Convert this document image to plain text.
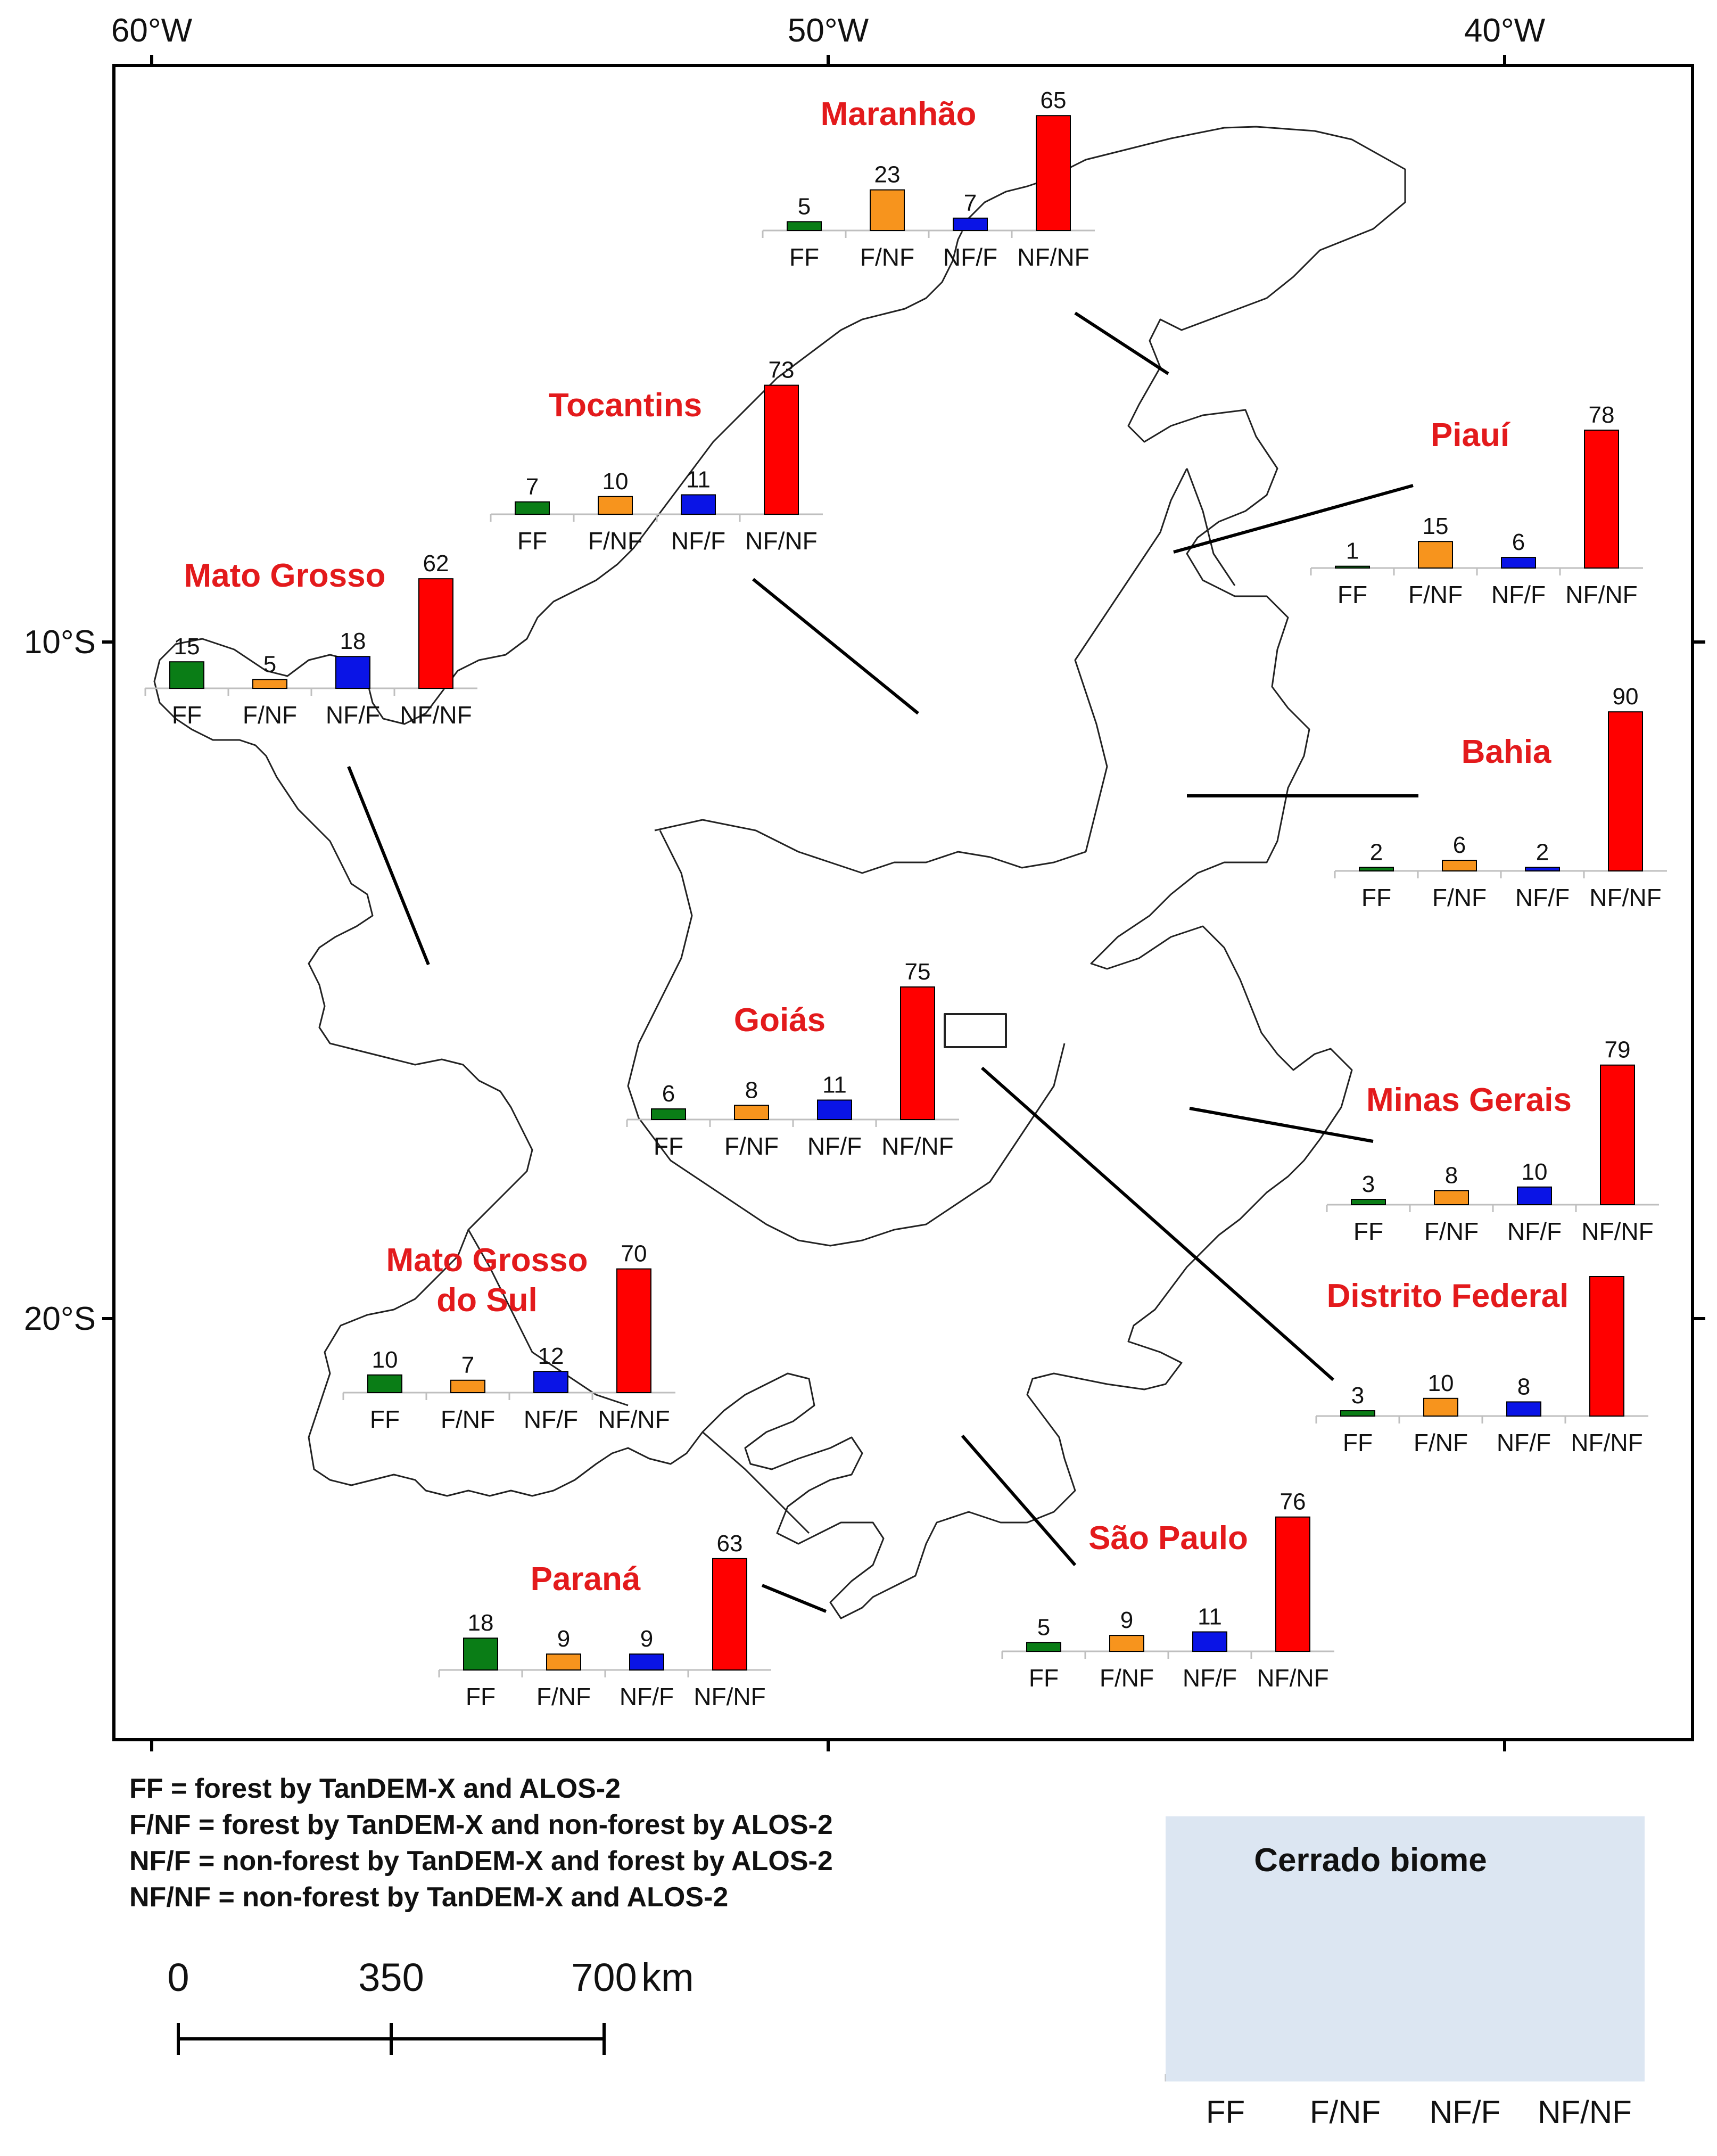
60°W	50°W	40°W
10°S
20°S
Maranhão
Tocantins
Piauí
Mato Grosso
Bahia
Goiás
Minas Gerais
Mato Grosso
do Sul	Distrito Federal
São Paulo
Paraná
5
FF
23
F/NF
7
NF/F
65
NF/NF
7
FF
10
F/NF
11
NF/F
73
NF/NF	1
FF
15
F/NF
6
NF/F
78
NF/NF
15
FF
5
F/NF
18
NF/F
62
NF/NF
2
FF
6
F/NF
2
NF/F
90
NF/NF
6
FF
8
F/NF
11
NF/F
75
NF/NF
3
FF
8
F/NF
10
NF/F
79
NF/NF
10
FF
7
F/NF
12
NF/F
70
NF/NF
3
FF
10
F/NF
8
NF/F NF/NF
5
FF
9
F/NF
11
NF/F
76
NF/NF
18
FF
9
F/NF
9
NF/F
63
NF/NF
FF F/NF NF/F NF/NF
FF = forest by TanDEM-X and ALOS-2
F/NF = forest by TanDEM-X and non-forest by ALOS-2
NF/F = non-forest by TanDEM-X and forest by ALOS-2
NF/NF = non-forest by TanDEM-X and ALOS-2
0	350	700 km
Cerrado biome
